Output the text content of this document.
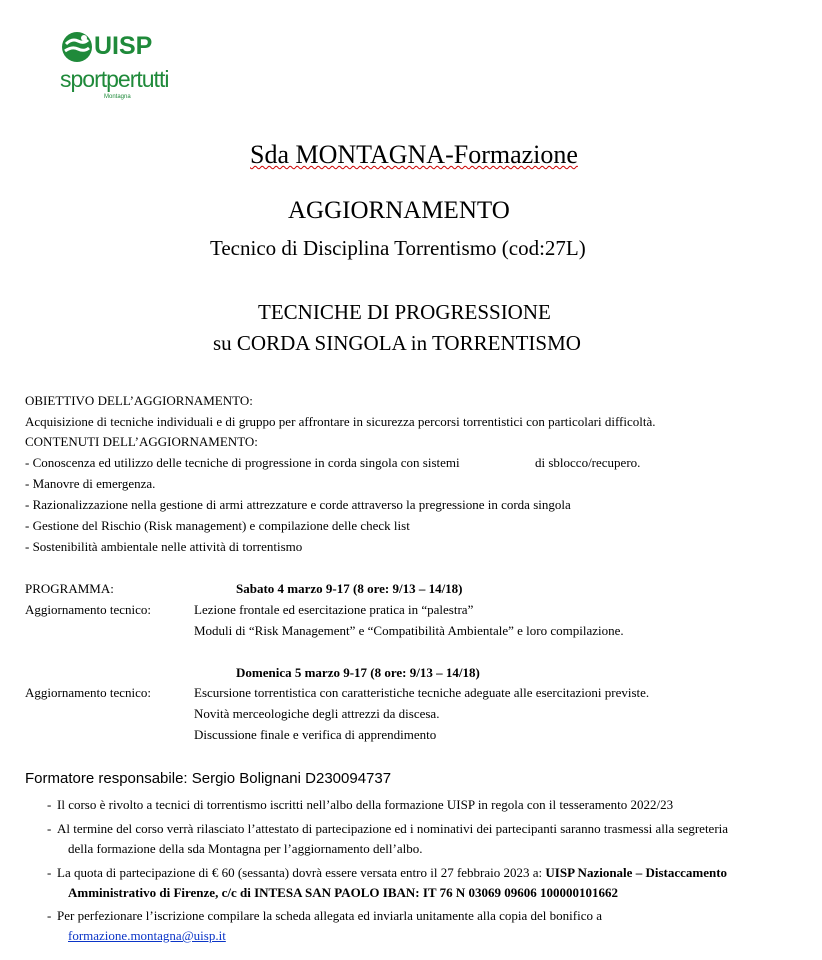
UISP
sportpertutti
Montagna
Sda MONTAGNA-Formazione
AGGIORNAMENTO
Tecnico di Disciplina Torrentismo (cod:27L)
TECNICHE DI PROGRESSIONE
su CORDA SINGOLA in TORRENTISMO
OBIETTIVO DELL’AGGIORNAMENTO:
Acquisizione di tecniche individuali e di gruppo per affrontare in sicurezza percorsi torrentistici con particolari difficoltà.
CONTENUTI DELL’AGGIORNAMENTO:
- Conoscenza ed utilizzo delle tecniche di progressione in corda singola con sistemi	di sblocco/recupero.
- Manovre di emergenza.
- Razionalizzazione nella gestione di armi attrezzature e corde attraverso la pregressione in corda singola
- Gestione del Rischio (Risk management) e compilazione delle check list
- Sostenibilità ambientale nelle attività di torrentismo
PROGRAMMA:	Sabato 4 marzo 9-17 (8 ore: 9/13 – 14/18)
Aggiornamento tecnico:	Lezione frontale ed esercitazione pratica in “palestra”
Moduli di “Risk Management” e “Compatibilità Ambientale” e loro compilazione.
Domenica 5 marzo 9-17 (8 ore: 9/13 – 14/18)
Aggiornamento tecnico:	Escursione torrentistica con caratteristiche tecniche adeguate alle esercitazioni previste.
Novità merceologiche degli attrezzi da discesa.
Discussione finale e verifica di apprendimento
Formatore responsabile: Sergio Bolignani D230094737
- Il corso è rivolto a tecnici di torrentismo iscritti nell’albo della formazione UISP in regola con il tesseramento 2022/23
- Al termine del corso verrà rilasciato l’attestato di partecipazione ed i nominativi dei partecipanti saranno trasmessi alla segreteria
della formazione della sda Montagna per l’aggiornamento dell’albo.
- La quota di partecipazione di € 60 (sessanta) dovrà essere versata entro il 27 febbraio 2023 a: UISP Nazionale – Distaccamento
Amministrativo di Firenze, c/c di INTESA SAN PAOLO IBAN: IT 76 N 03069 09606 100000101662
- Per perfezionare l’iscrizione compilare la scheda allegata ed inviarla unitamente alla copia del bonifico a
formazione.montagna@uisp.it
